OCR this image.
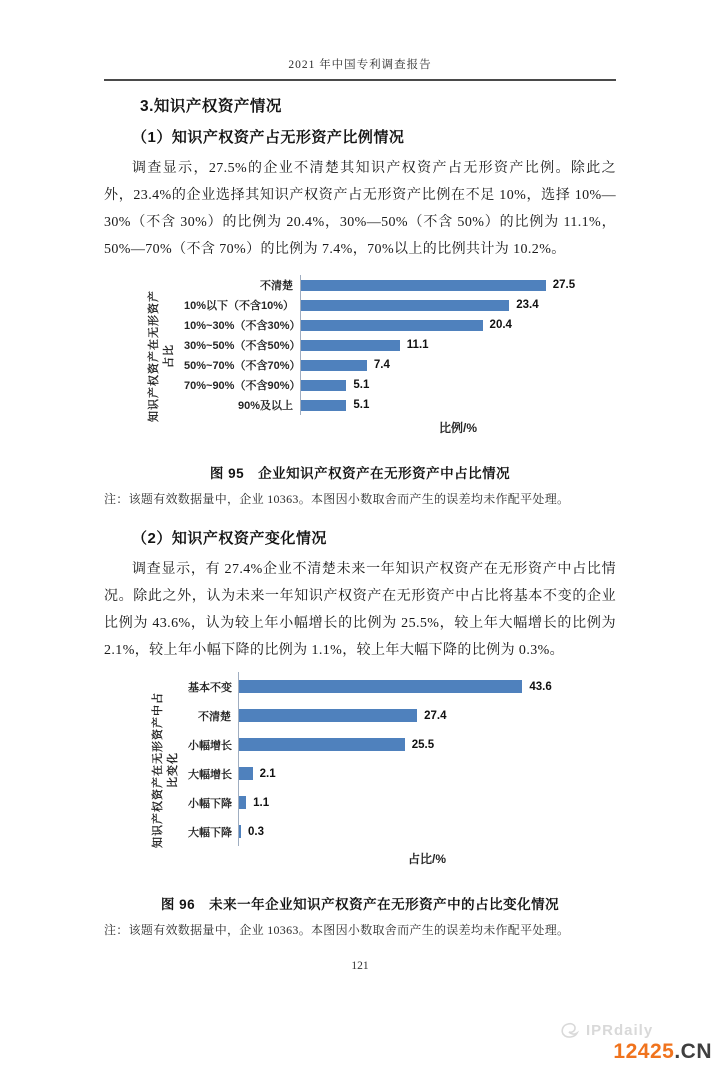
2021 年中国专利调查报告
3.知识产权资产情况
（1）知识产权资产占无形资产比例情况

调查显示，27.5%的企业不清楚其知识产权资产占无形资产比例。除此之外，23.4%的企业选择其知识产权资产占无形资产比例在不足 10%，选择 10%—30%（不含 30%）的比例为 20.4%，30%—50%（不含 50%）的比例为 11.1%，50%—70%（不含 70%）的比例为 7.4%，70%以上的比例共计为 10.2%。

知识产权资产在无形资产 占比
不清楚	27.5
10%以下（不含10%）	23.4
10%~30%（不含30%）	20.4
30%~50%（不含50%）	11.1
50%~70%（不含70%）	7.4
70%~90%（不含90%）	5.1
90%及以上	5.1
比例/%
图 95　企业知识产权资产在无形资产中占比情况
注：该题有效数据量中，企业 10363。本图因小数取舍而产生的误差均未作配平处理。
（2）知识产权资产变化情况

调查显示，有 27.4%企业不清楚未来一年知识产权资产在无形资产中占比情况。除此之外，认为未来一年知识产权资产在无形资产中占比将基本不变的企业比例为 43.6%，认为较上年小幅增长的比例为 25.5%，较上年大幅增长的比例为 2.1%，较上年小幅下降的比例为 1.1%，较上年大幅下降的比例为 0.3%。

知识产权资产在无形资产中占 比变化
基本不变	43.6
不清楚	27.4
小幅增长	25.5
大幅增长	2.1
小幅下降	1.1
大幅下降	0.3
占比/%
图 96　未来一年企业知识产权资产在无形资产中的占比变化情况
注：该题有效数据量中，企业 10363。本图因小数取舍而产生的误差均未作配平处理。
121
IPRdaily
12425.CN
